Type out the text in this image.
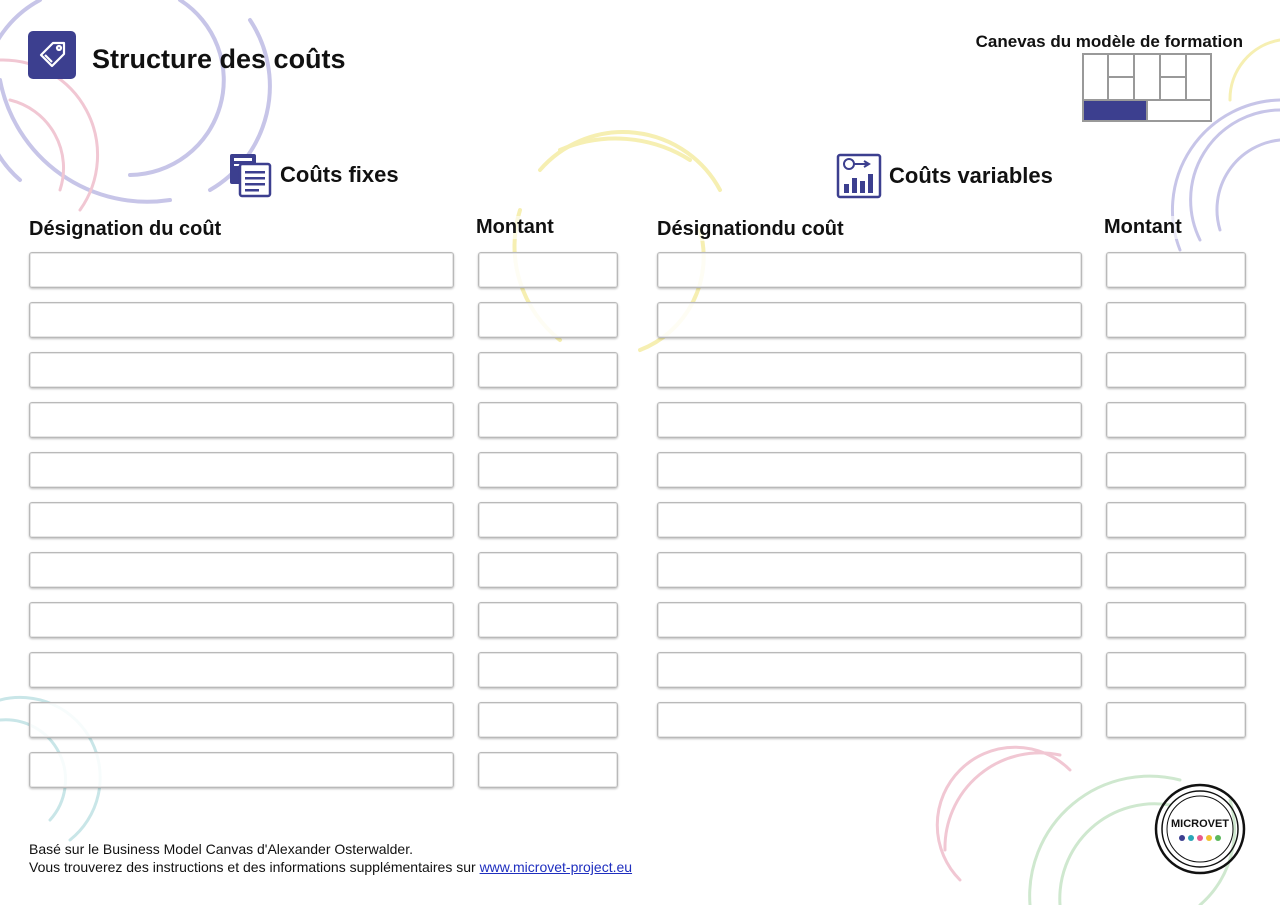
Structure des coûts
Canevas du modèle de formation
Coûts fixes	Coûts variables
Désignation du coût	Montant	Désignationdu coût	Montant
Basé sur le Business Model Canvas d'Alexander Osterwalder.
Vous trouverez des instructions et des informations supplémentaires sur www.microvet-project.eu
MICROVET
